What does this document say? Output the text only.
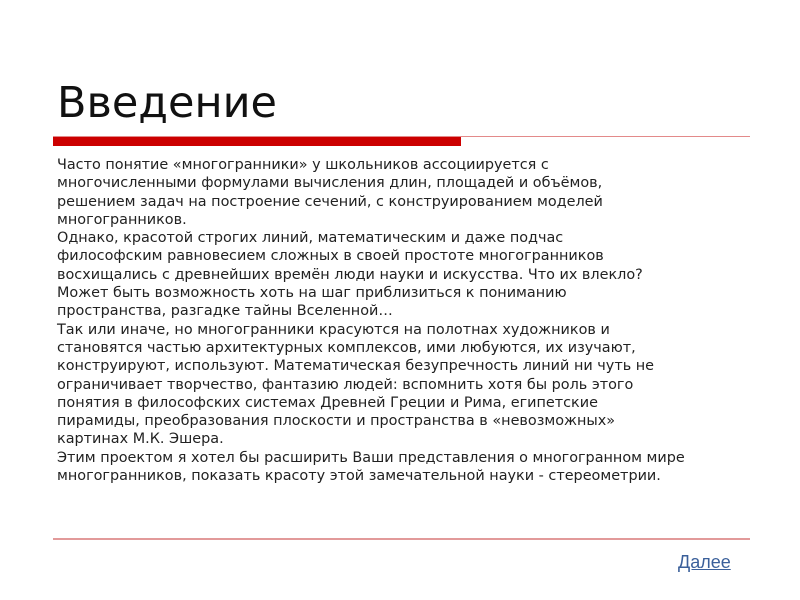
Введение
Часто понятие «многогранники» у школьников ассоциируется с
многочисленными формулами вычисления длин, площадей и объёмов,
решением задач на построение сечений, с конструированием моделей
многогранников.
Однако, красотой строгих линий, математическим и даже подчас
философским равновесием сложных в своей простоте многогранников
восхищались с древнейших времён люди науки и искусства. Что их влекло?
Может быть возможность хоть на шаг приблизиться к пониманию
пространства, разгадке тайны Вселенной…
Так или иначе, но многогранники красуются на полотнах художников и
становятся частью архитектурных комплексов, ими любуются, их изучают,
конструируют, используют. Математическая безупречность линий ни чуть не
ограничивает творчество, фантазию людей: вспомнить хотя бы роль этого
понятия в философских системах Древней Греции и Рима, египетские
пирамиды, преобразования плоскости и пространства в «невозможных»
картинах М.К. Эшера.
Этим проектом я хотел бы расширить Ваши представления о многогранном мире
многогранников, показать красоту этой замечательной науки - стереометрии.
Далее
